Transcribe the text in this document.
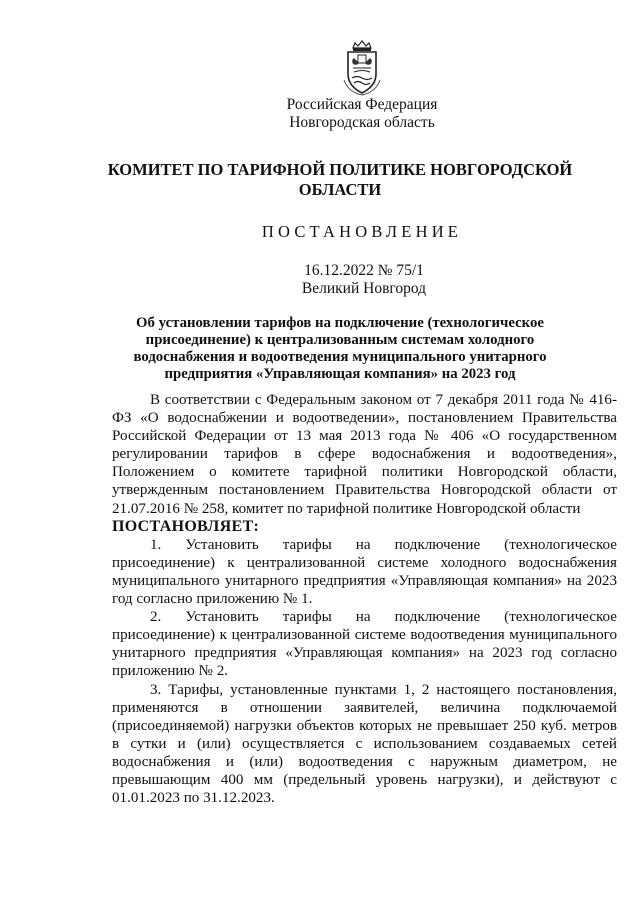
Российская Федерация
Новгородская область
КОМИТЕТ ПО ТАРИФНОЙ ПОЛИТИКЕ НОВГОРОДСКОЙ
ОБЛАСТИ
ПОСТАНОВЛЕНИЕ
16.12.2022 № 75/1
Великий Новгород
Об установлении тарифов на подключение (технологическое
присоединение) к централизованным системам холодного
водоснабжения и водоотведения муниципального унитарного
предприятия «Управляющая компания» на 2023 год

В соответствии с Федеральным законом от 7 декабря 2011 года № 416-ФЗ «О водоснабжении и водоотведении», постановлением Правительства Российской Федерации от 13 мая 2013 года № 406 «О государственном регулировании тарифов в сфере водоснабжения и водоотведения», Положением о комитете тарифной политики Новгородской области, утвержденным постановлением Правительства Новгородской области от 21.07.2016 № 258, комитет по тарифной политике Новгородской области

ПОСТАНОВЛЯЕТ:

1. Установить тарифы на подключение (технологическое присоединение) к централизованной системе холодного водоснабжения муниципального унитарного предприятия «Управляющая компания» на 2023 год согласно приложению № 1.

2. Установить тарифы на подключение (технологическое присоединение) к централизованной системе водоотведения муниципального унитарного предприятия «Управляющая компания» на 2023 год согласно приложению № 2.

3. Тарифы, установленные пунктами 1, 2 настоящего постановления, применяются в отношении заявителей, величина подключаемой (присоединяемой) нагрузки объектов которых не превышает 250 куб. метров в сутки и (или) осуществляется с использованием создаваемых сетей водоснабжения и (или) водоотведения с наружным диаметром, не превышающим 400 мм (предельный уровень нагрузки), и действуют с 01.01.2023 по 31.12.2023.
